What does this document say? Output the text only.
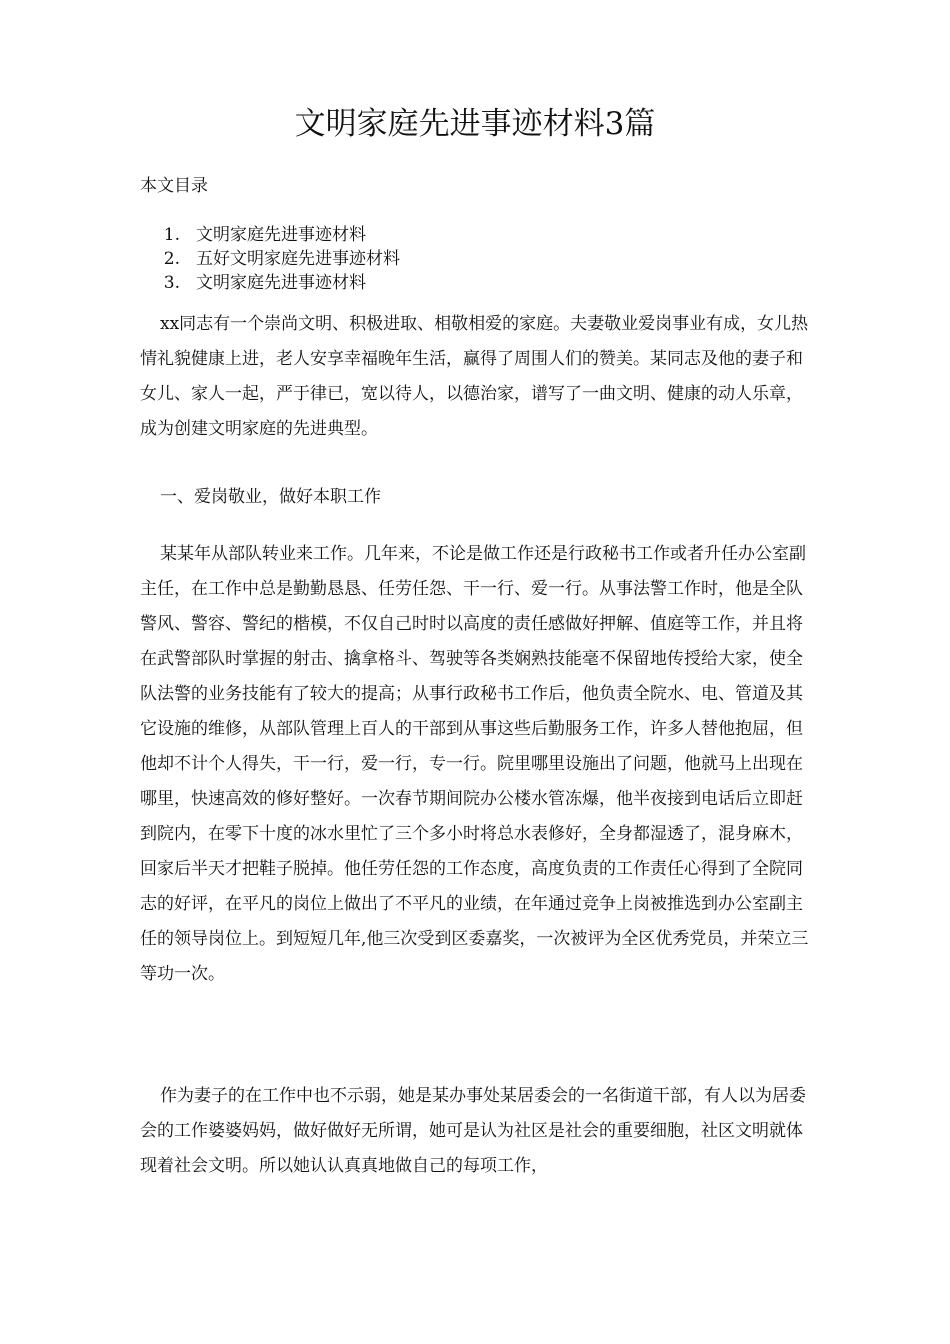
文明家庭先进事迹材料3篇
本文目录
1. 文明家庭先进事迹材料
2. 五好文明家庭先进事迹材料
3. 文明家庭先进事迹材料

xx同志有一个崇尚文明、积极进取、相敬相爱的家庭。夫妻敬业爱岗事业有成，女儿热情礼貌健康上进，老人安享幸福晚年生活，赢得了周围人们的赞美。某同志及他的妻子和女儿、家人一起，严于律已，宽以待人，以德治家，谱写了一曲文明、健康的动人乐章，成为创建文明家庭的先进典型。

一、爱岗敬业，做好本职工作

某某年从部队转业来工作。几年来，不论是做工作还是行政秘书工作或者升任办公室副主任，在工作中总是勤勤恳恳、任劳任怨、干一行、爱一行。从事法警工作时，他是全队警风、警容、警纪的楷模，不仅自己时时以高度的责任感做好押解、值庭等工作，并且将在武警部队时掌握的射击、擒拿格斗、驾驶等各类娴熟技能毫不保留地传授给大家，使全队法警的业务技能有了较大的提高；从事行政秘书工作后，他负责全院水、电、管道及其它设施的维修，从部队管理上百人的干部到从事这些后勤服务工作，许多人替他抱屈，但他却不计个人得失，干一行，爱一行，专一行。院里哪里设施出了问题，他就马上出现在哪里，快速高效的修好整好。一次春节期间院办公楼水管冻爆，他半夜接到电话后立即赶到院内，在零下十度的冰水里忙了三个多小时将总水表修好，全身都湿透了，混身麻木，回家后半天才把鞋子脱掉。他任劳任怨的工作态度，高度负责的工作责任心得到了全院同志的好评，在平凡的岗位上做出了不平凡的业绩，在年通过竞争上岗被推选到办公室副主任的领导岗位上。到短短几年,他三次受到区委嘉奖，一次被评为全区优秀党员，并荣立三等功一次。

作为妻子的在工作中也不示弱，她是某办事处某居委会的一名街道干部，有人以为居委会的工作婆婆妈妈，做好做好无所谓，她可是认为社区是社会的重要细胞，社区文明就体现着社会文明。所以她认认真真地做自己的每项工作，
